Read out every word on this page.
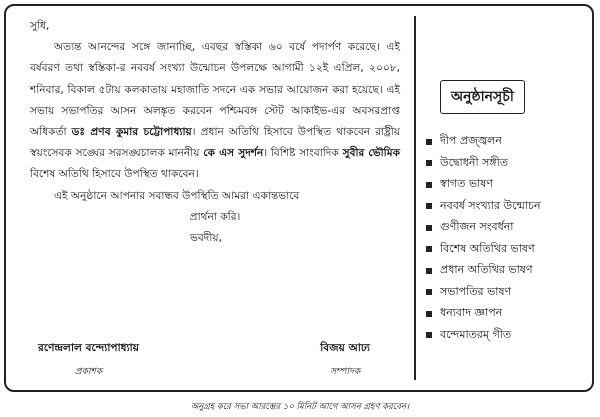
সুধি,

অত্যন্ত আনন্দের সঙ্গে জানাচ্ছি, এবছর স্বস্তিকা ৬০ বর্ষে পদার্পণ করেছে। এই বর্ষবরণ তথা স্বস্তিকা-র নববর্ষ সংখ্যা উন্মোচন উপলক্ষে আগামী ১২ই এপ্রিল, ২০০৮, শনিবার, বিকাল ৫টায় কলকাতায় মহাজাতি সদনে এক সভার আয়োজন করা হয়েছে। এই সভায় সভাপতির আসন অলঙ্কৃত করবেন পশ্চিমবঙ্গ স্টেট আকাইভ-এর অবসরপ্রাপ্ত অধিকর্তা ডঃ প্রণব কুমার চট্টোপাধ্যায়। প্রধান অতিথি হিসাবে উপস্থিত থাকবেন রাষ্ট্রীয় স্বয়ংসেবক সঙ্ঘের সরসঙ্ঘচালক মাননীয় কে এস সুদর্শন। বিশিষ্ট সাংবাদিক সুবীর ভৌমিক বিশেষ অতিথি হিসাবে উপস্থিত থাকবেন।

এই অনুষ্ঠানে আপনার সবান্ধব উপস্থিতি আমরা একান্তভাবে

প্রার্থনা করি।

ভবদীয়,

রণেন্দ্রলাল বন্দ্যোপাধ্যায়
প্রকাশক
বিজয় আঢ্য
সম্পাদক
অনুষ্ঠানসূচী
দীপ প্রজ্জ্বলন
উদ্বোধনী সঙ্গীত
স্বাগত ভাষণ
নববর্ষ সংখ্যার উন্মোচন
গুণীজন সংবর্ধনা
বিশেষ অতিথির ভাষণ
প্রধান অতিথির ভাষণ
সভাপতির ভাষণ
ধন্যবাদ জ্ঞাপন
বন্দেমাতরম্ গীত
অনুগ্রহ করে সভা আরম্ভের ১০ মিনিট আগে আসন গ্রহণ করবেন।
